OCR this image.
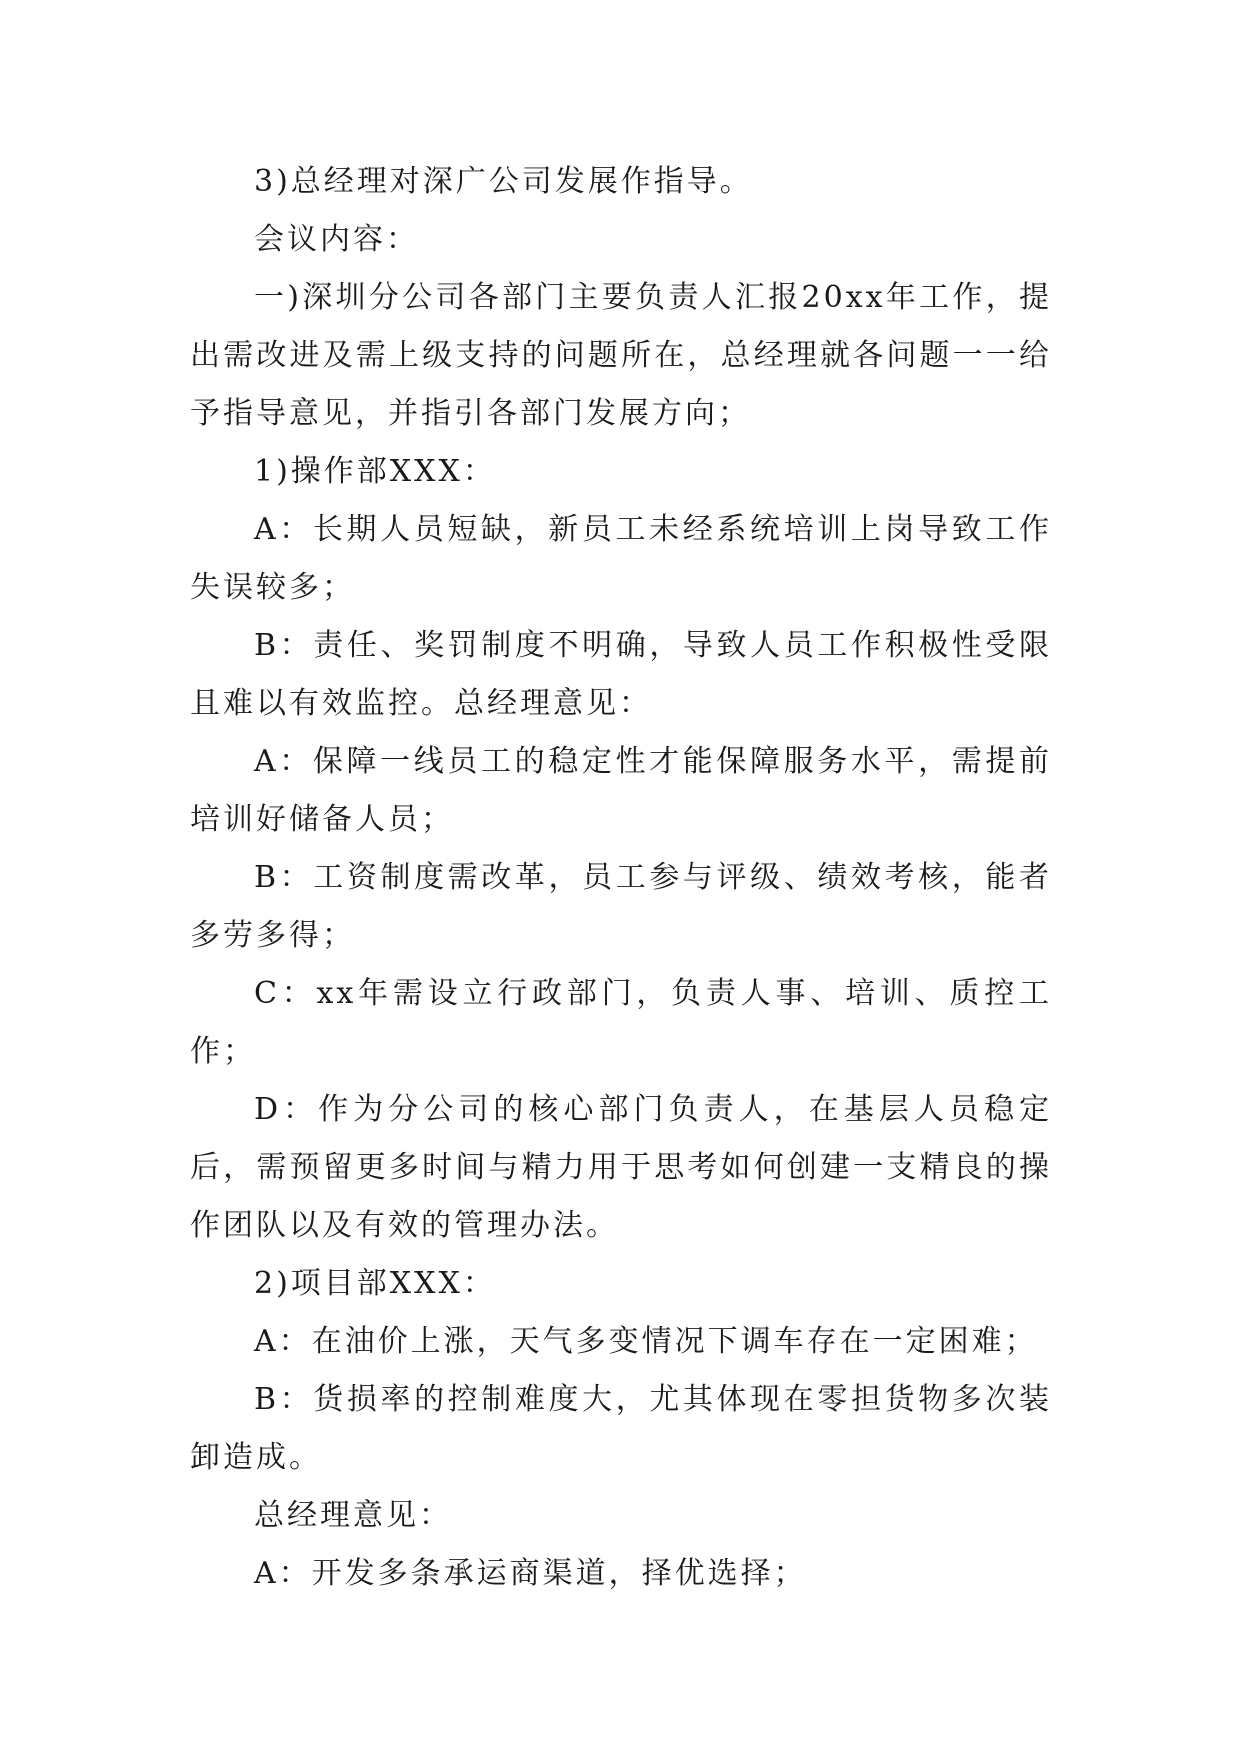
3)总经理对深广公司发展作指导。

会议内容：

一)深圳分公司各部门主要负责人汇报20xx年工作，提出需改进及需上级支持的问题所在，总经理就各问题一一给予指导意见，并指引各部门发展方向；

1)操作部XXX：

A：长期人员短缺，新员工未经系统培训上岗导致工作失误较多；

B：责任、奖罚制度不明确，导致人员工作积极性受限且难以有效监控。总经理意见：

A：保障一线员工的稳定性才能保障服务水平，需提前培训好储备人员；

B：工资制度需改革，员工参与评级、绩效考核，能者多劳多得；

C：xx年需设立行政部门，负责人事、培训、质控工作；

D：作为分公司的核心部门负责人，在基层人员稳定后，需预留更多时间与精力用于思考如何创建一支精良的操作团队以及有效的管理办法。

2)项目部XXX：

A：在油价上涨，天气多变情况下调车存在一定困难；

B：货损率的控制难度大，尤其体现在零担货物多次装卸造成。

总经理意见：

A：开发多条承运商渠道，择优选择；
